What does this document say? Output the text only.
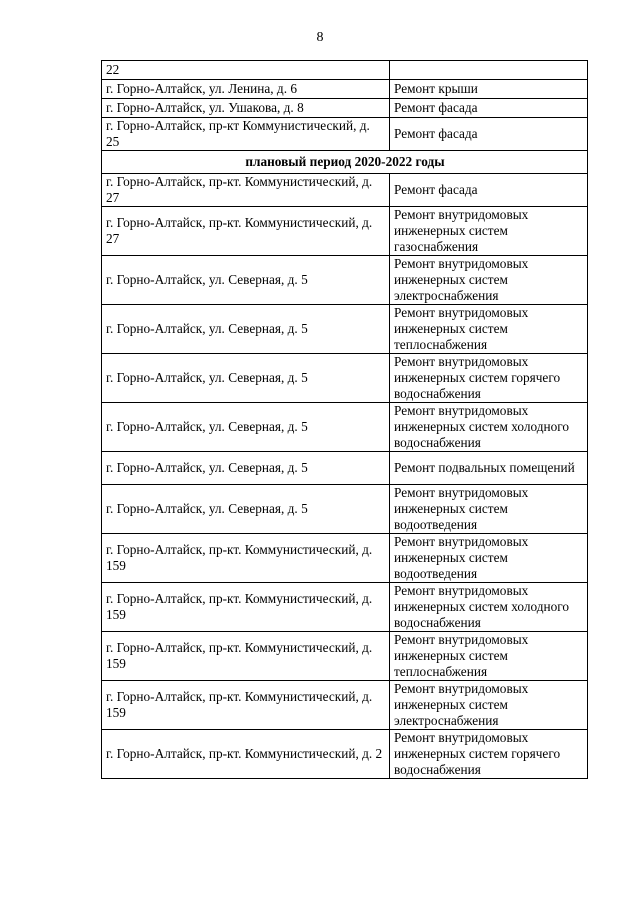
8
22	
г. Горно-Алтайск, ул. Ленина, д. 6	Ремонт крыши
г. Горно-Алтайск, ул. Ушакова, д. 8	Ремонт фасада
г. Горно-Алтайск, пр-кт Коммунистический, д. 25	Ремонт фасада
плановый период 2020-2022 годы	
г. Горно-Алтайск, пр-кт. Коммунистический, д. 27	Ремонт фасада
г. Горно-Алтайск, пр-кт. Коммунистический, д. 27	Ремонт внутридомовых инженерных систем газоснабжения
г. Горно-Алтайск, ул. Северная, д. 5	Ремонт внутридомовых инженерных систем электроснабжения
г. Горно-Алтайск, ул. Северная, д. 5	Ремонт внутридомовых инженерных систем теплоснабжения
г. Горно-Алтайск, ул. Северная, д. 5	Ремонт внутридомовых инженерных систем горячего водоснабжения
г. Горно-Алтайск, ул. Северная, д. 5	Ремонт внутридомовых инженерных систем холодного водоснабжения
г. Горно-Алтайск, ул. Северная, д. 5	Ремонт подвальных помещений
г. Горно-Алтайск, ул. Северная, д. 5	Ремонт внутридомовых инженерных систем водоотведения
г. Горно-Алтайск, пр-кт. Коммунистический, д. 159	Ремонт внутридомовых инженерных систем водоотведения
г. Горно-Алтайск, пр-кт. Коммунистический, д. 159	Ремонт внутридомовых инженерных систем холодного водоснабжения
г. Горно-Алтайск, пр-кт. Коммунистический, д. 159	Ремонт внутридомовых инженерных систем теплоснабжения
г. Горно-Алтайск, пр-кт. Коммунистический, д. 159	Ремонт внутридомовых инженерных систем электроснабжения
г. Горно-Алтайск, пр-кт. Коммунистический, д. 2	Ремонт внутридомовых инженерных систем горячего водоснабжения
